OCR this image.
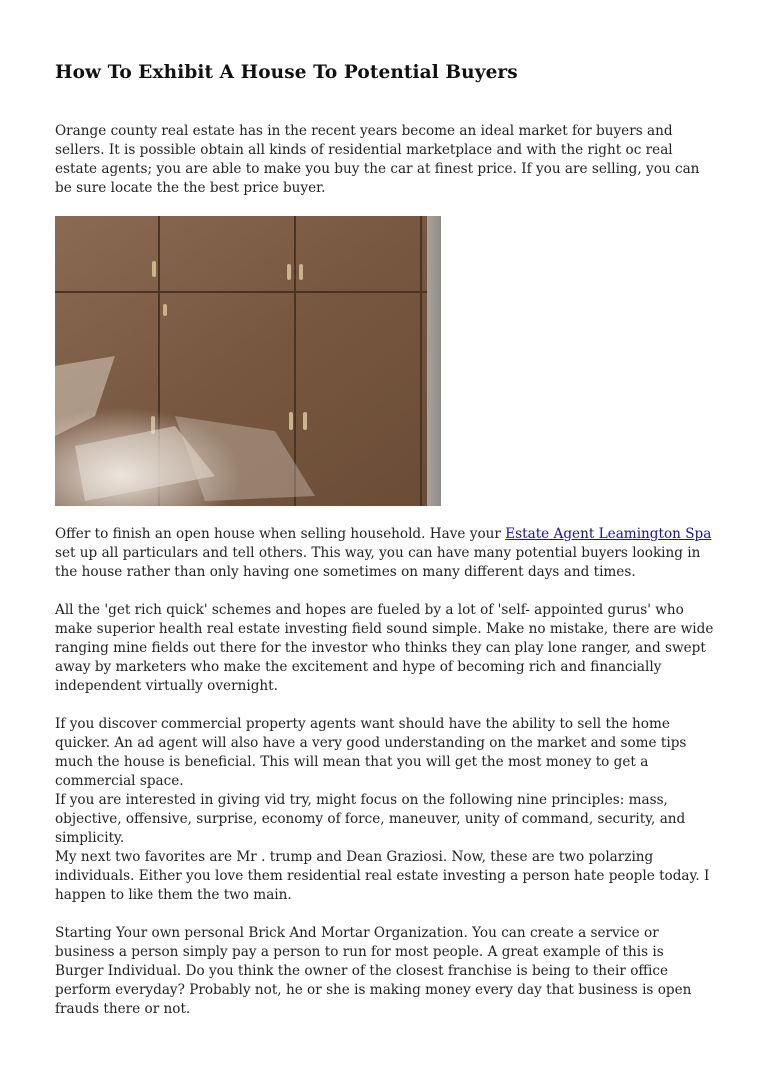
How To Exhibit A House To Potential Buyers

Orange county real estate has in the recent years become an ideal market for buyers and sellers. It is possible obtain all kinds of residential marketplace and with the right oc real estate agents; you are able to make you buy the car at finest price. If you are selling, you can be sure locate the the best price buyer.

Offer to finish an open house when selling household. Have your Estate Agent Leamington Spa set up all particulars and tell others. This way, you can have many potential buyers looking in the house rather than only having one sometimes on many different days and times.

All the 'get rich quick' schemes and hopes are fueled by a lot of 'self- appointed gurus' who make superior health real estate investing field sound simple. Make no mistake, there are wide ranging mine fields out there for the investor who thinks they can play lone ranger, and swept away by marketers who make the excitement and hype of becoming rich and financially independent virtually overnight.

If you discover commercial property agents want should have the ability to sell the home quicker. An ad agent will also have a very good understanding on the market and some tips much the house is beneficial. This will mean that you will get the most money to get a commercial space.

If you are interested in giving vid try, might focus on the following nine principles: mass, objective, offensive, surprise, economy of force, maneuver, unity of command, security, and simplicity.

My next two favorites are Mr . trump and Dean Graziosi. Now, these are two polarzing individuals. Either you love them residential real estate investing a person hate people today. I happen to like them the two main.

Starting Your own personal Brick And Mortar Organization. You can create a service or business a person simply pay a person to run for most people. A great example of this is Burger Individual. Do you think the owner of the closest franchise is being to their office perform everyday? Probably not, he or she is making money every day that business is open frauds there or not.
